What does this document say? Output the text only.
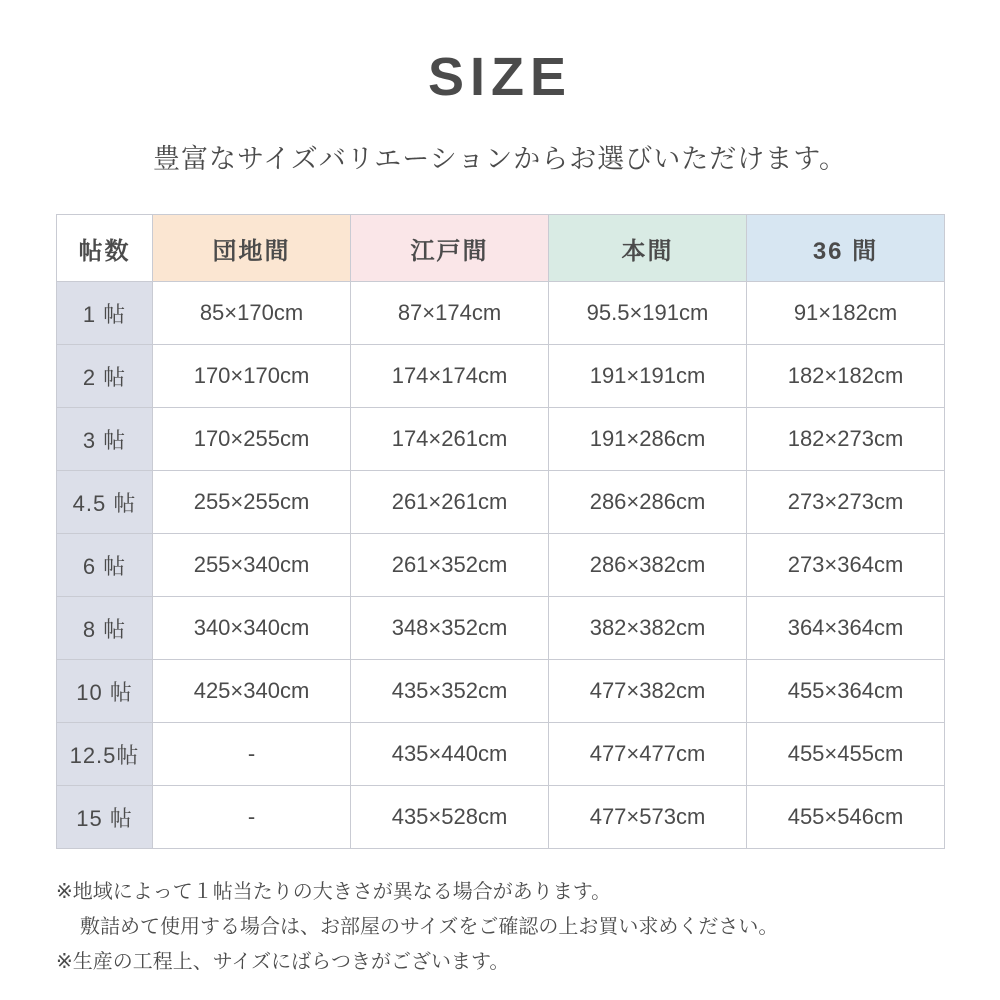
SIZE

豊富なサイズバリエーションからお選びいただけます。

帖数	団地間	江戸間	本間	36 間
1 帖	85×170cm	87×174cm	95.5×191cm	91×182cm
2 帖	170×170cm	174×174cm	191×191cm	182×182cm
3 帖	170×255cm	174×261cm	191×286cm	182×273cm
4.5 帖	255×255cm	261×261cm	286×286cm	273×273cm
6 帖	255×340cm	261×352cm	286×382cm	273×364cm
8 帖	340×340cm	348×352cm	382×382cm	364×364cm
10 帖	425×340cm	435×352cm	477×382cm	455×364cm
12.5帖	-	435×440cm	477×477cm	455×455cm
15 帖	-	435×528cm	477×573cm	455×546cm
※地域によって１帖当たりの大きさが異なる場合があります。
敷詰めて使用する場合は、お部屋のサイズをご確認の上お買い求めください。
※生産の工程上、サイズにばらつきがございます。
